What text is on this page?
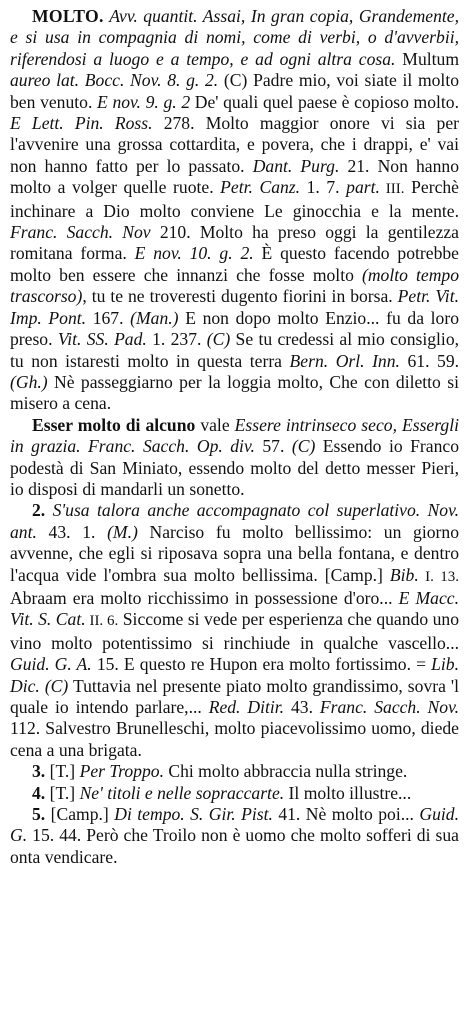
MOLTO. Avv. quantit. Assai, In gran copia, Grandemente, e si usa in compagnia di nomi, come di verbi, o d'avverbii, riferendosi a luogo e a tempo, e ad ogni altra cosa. Multum aureo lat. Bocc. Nov. 8. g. 2. (C) Padre mio, voi siate il molto ben venuto. E nov. 9. g. 2 De' quali quel paese è copioso molto. E Lett. Pin. Ross. 278. Molto maggior onore vi sia per l'avvenire una grossa cottardita, e povera, che i drappi, e' vai non hanno fatto per lo passato. Dant. Purg. 21. Non hanno molto a volger quelle ruote. Petr. Canz. 1. 7. part. III. Perchè inchinare a Dio molto conviene Le ginocchia e la mente. Franc. Sacch. Nov 210. Molto ha preso oggi la gentilezza romitana forma. E nov. 10. g. 2. È questo facendo potrebbe molto ben essere che innanzi che fosse molto (molto tempo trascorso), tu te ne troveresti dugento fiorini in borsa. Petr. Vit. Imp. Pont. 167. (Man.) E non dopo molto Enzio... fu da loro preso. Vit. SS. Pad. 1. 237. (C) Se tu credessi al mio consiglio, tu non istaresti molto in questa terra Bern. Orl. Inn. 61. 59. (Gh.) Nè passeggiarno per la loggia molto, Che con diletto si misero a cena.

Esser molto di alcuno vale Essere intrinseco seco, Essergli in grazia. Franc. Sacch. Op. div. 57. (C) Essendo io Franco podestà di San Miniato, essendo molto del detto messer Pieri, io disposi di mandarli un sonetto.

2. S'usa talora anche accompagnato col superlativo. Nov. ant. 43. 1. (M.) Narciso fu molto bellissimo: un giorno avvenne, che egli si riposava sopra una bella fontana, e dentro l'acqua vide l'ombra sua molto bellissima. [Camp.] Bib. I. 13. Abraam era molto ricchissimo in possessione d'oro... E Macc. Vit. S. Cat. II. 6. Siccome si vede per esperienza che quando uno vino molto potentissimo si rinchiude in qualche vascello... Guid. G. A. 15. E questo re Hupon era molto fortissimo. = Lib. Dic. (C) Tuttavia nel presente piato molto grandissimo, sovra 'l quale io intendo parlare,... Red. Ditir. 43. Franc. Sacch. Nov. 112. Salvestro Brunelleschi, molto piacevolissimo uomo, diede cena a una brigata.

3. [T.] Per Troppo. Chi molto abbraccia nulla stringe.

4. [T.] Ne' titoli e nelle sopraccarte. Il molto illustre...

5. [Camp.] Di tempo. S. Gir. Pist. 41. Nè molto poi... Guid. G. 15. 44. Però che Troilo non è uomo che molto sofferi di sua onta vendicare.
